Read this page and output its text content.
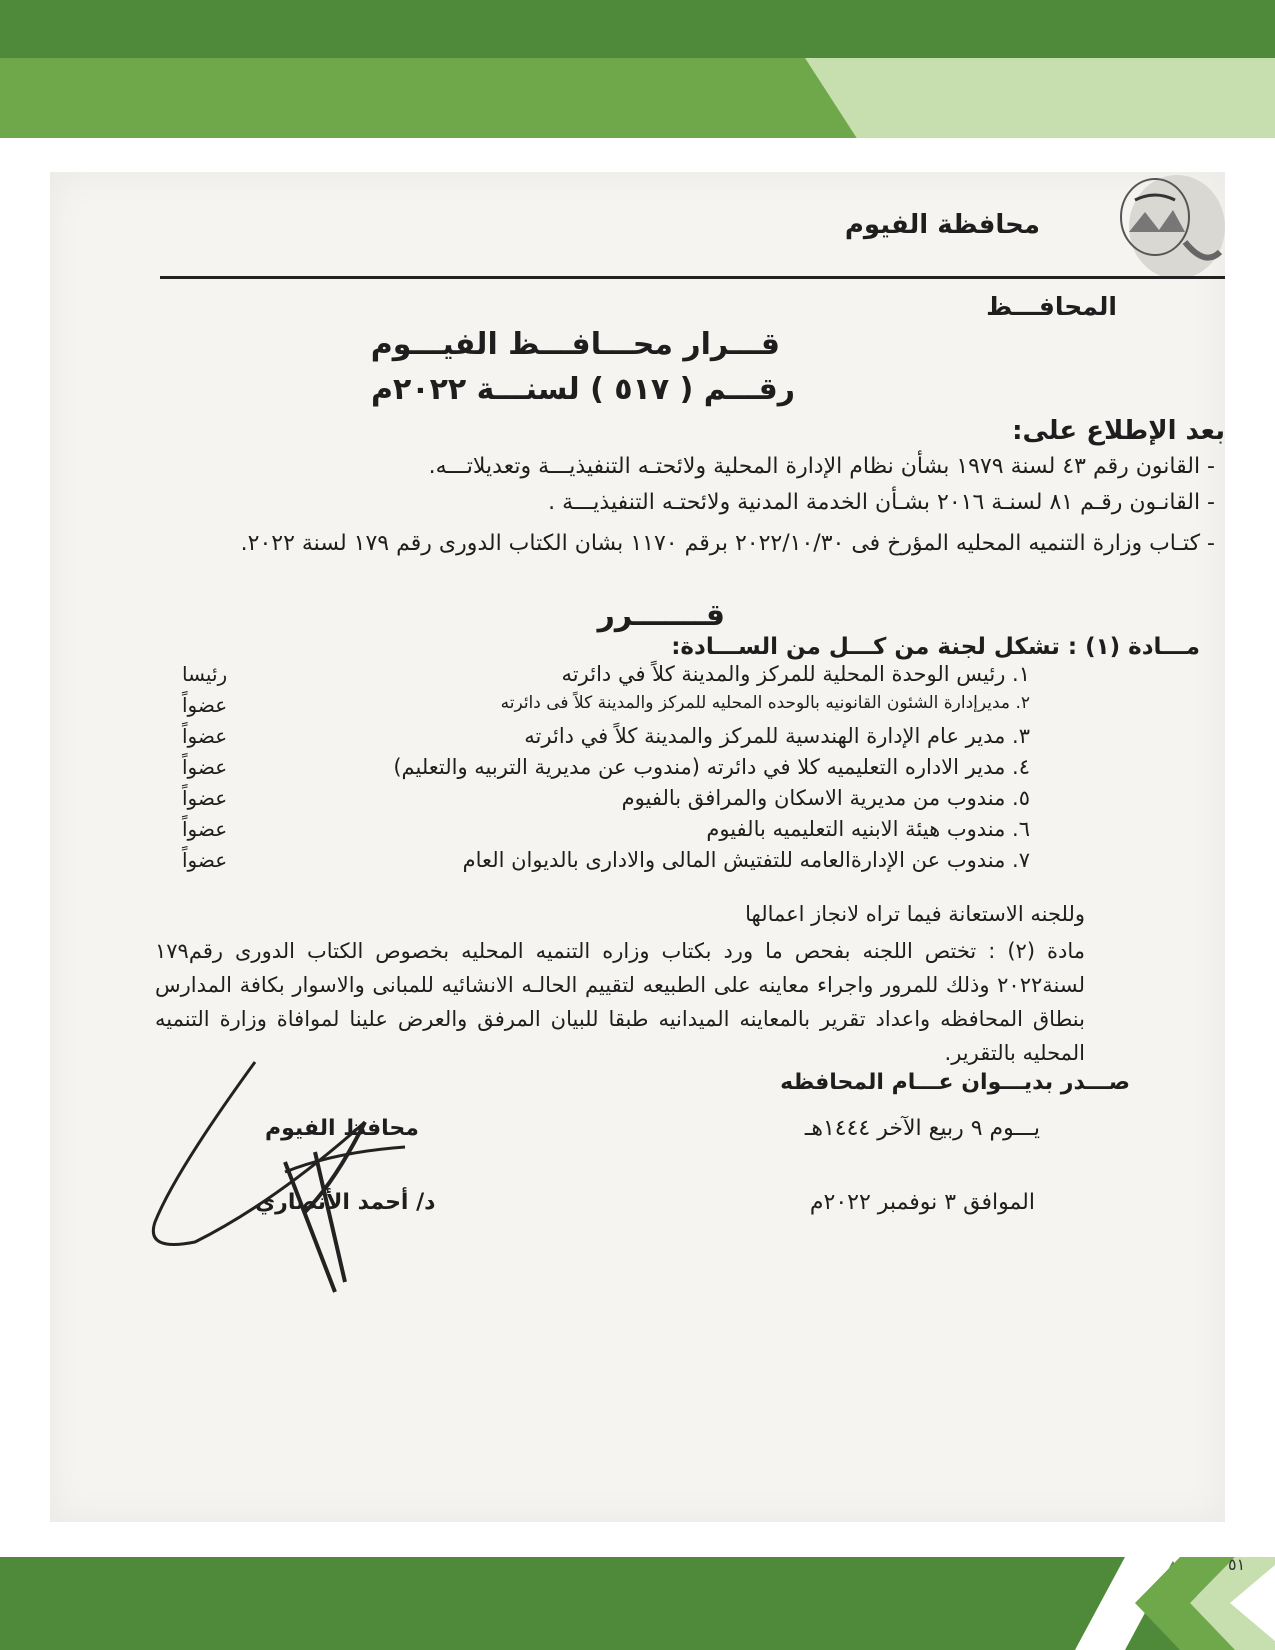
محافظة الفيوم
المحافـــظ
قـــرار محـــافـــظ الفيـــوم
رقـــم ( ٥١٧ ) لسنـــة ٢٠٢٢م
بعد الإطلاع على:
- القانون رقم ٤٣ لسنة ١٩٧٩ بشأن نظام الإدارة المحلية ولائحتـه التنفيذيـــة وتعديلاتـــه.
- القانـون رقـم ٨١ لسنـة ٢٠١٦ بشـأن الخدمة المدنية ولائحتـه التنفيذيـــة .
- كتـاب وزارة التنميه المحليه المؤرخ فى ٢٠٢٢/١٠/٣٠ برقم ١١٧٠ بشان الكتاب الدورى رقم ١٧٩ لسنة ٢٠٢٢.
قـــــــرر
مـــادة (١) : تشكل لجنة من كـــل من الســـادة:
١. رئيس الوحدة المحلية للمركز والمدينة كلاً في دائرته
رئيسا
٢. مديرإدارة الشئون القانونيه بالوحده المحليه للمركز والمدينة كلاً فى دائرته
عضواً
٣. مدير عام الإدارة الهندسية للمركز والمدينة كلاً في دائرته
عضواً
٤. مدير الاداره التعليميه كلا في دائرته (مندوب عن مديرية التربيه والتعليم)
عضواً
٥. مندوب من مديرية الاسكان والمرافق بالفيوم
عضواً
٦. مندوب هيئة الابنيه التعليميه بالفيوم
عضواً
٧. مندوب عن الإدارةالعامه للتفتيش المالى والادارى بالديوان العام
عضواً
وللجنه الاستعانة فيما تراه لانجاز اعمالها
مادة (٢) : تختص اللجنه بفحص ما ورد بكتاب وزاره التنميه المحليه بخصوص الكتاب الدورى رقم١٧٩ لسنة٢٠٢٢ وذلك للمرور واجراء معاينه على الطبيعه لتقييم الحالـه الانشائيه للمبانى والاسوار بكافة المدارس بنطاق المحافظه واعداد تقرير بالمعاينه الميدانيه طبقا للبيان المرفق والعرض علينا لموافاة وزارة التنميه المحليه بالتقرير.
صـــدر بديـــوان عـــام المحافظه
يـــوم ٩ ربيع الآخر ١٤٤٤هـ
الموافق ٣ نوفمبر ٢٠٢٢م
محافظ الفيوم
د/ أحمد الأنصاري
٥١
